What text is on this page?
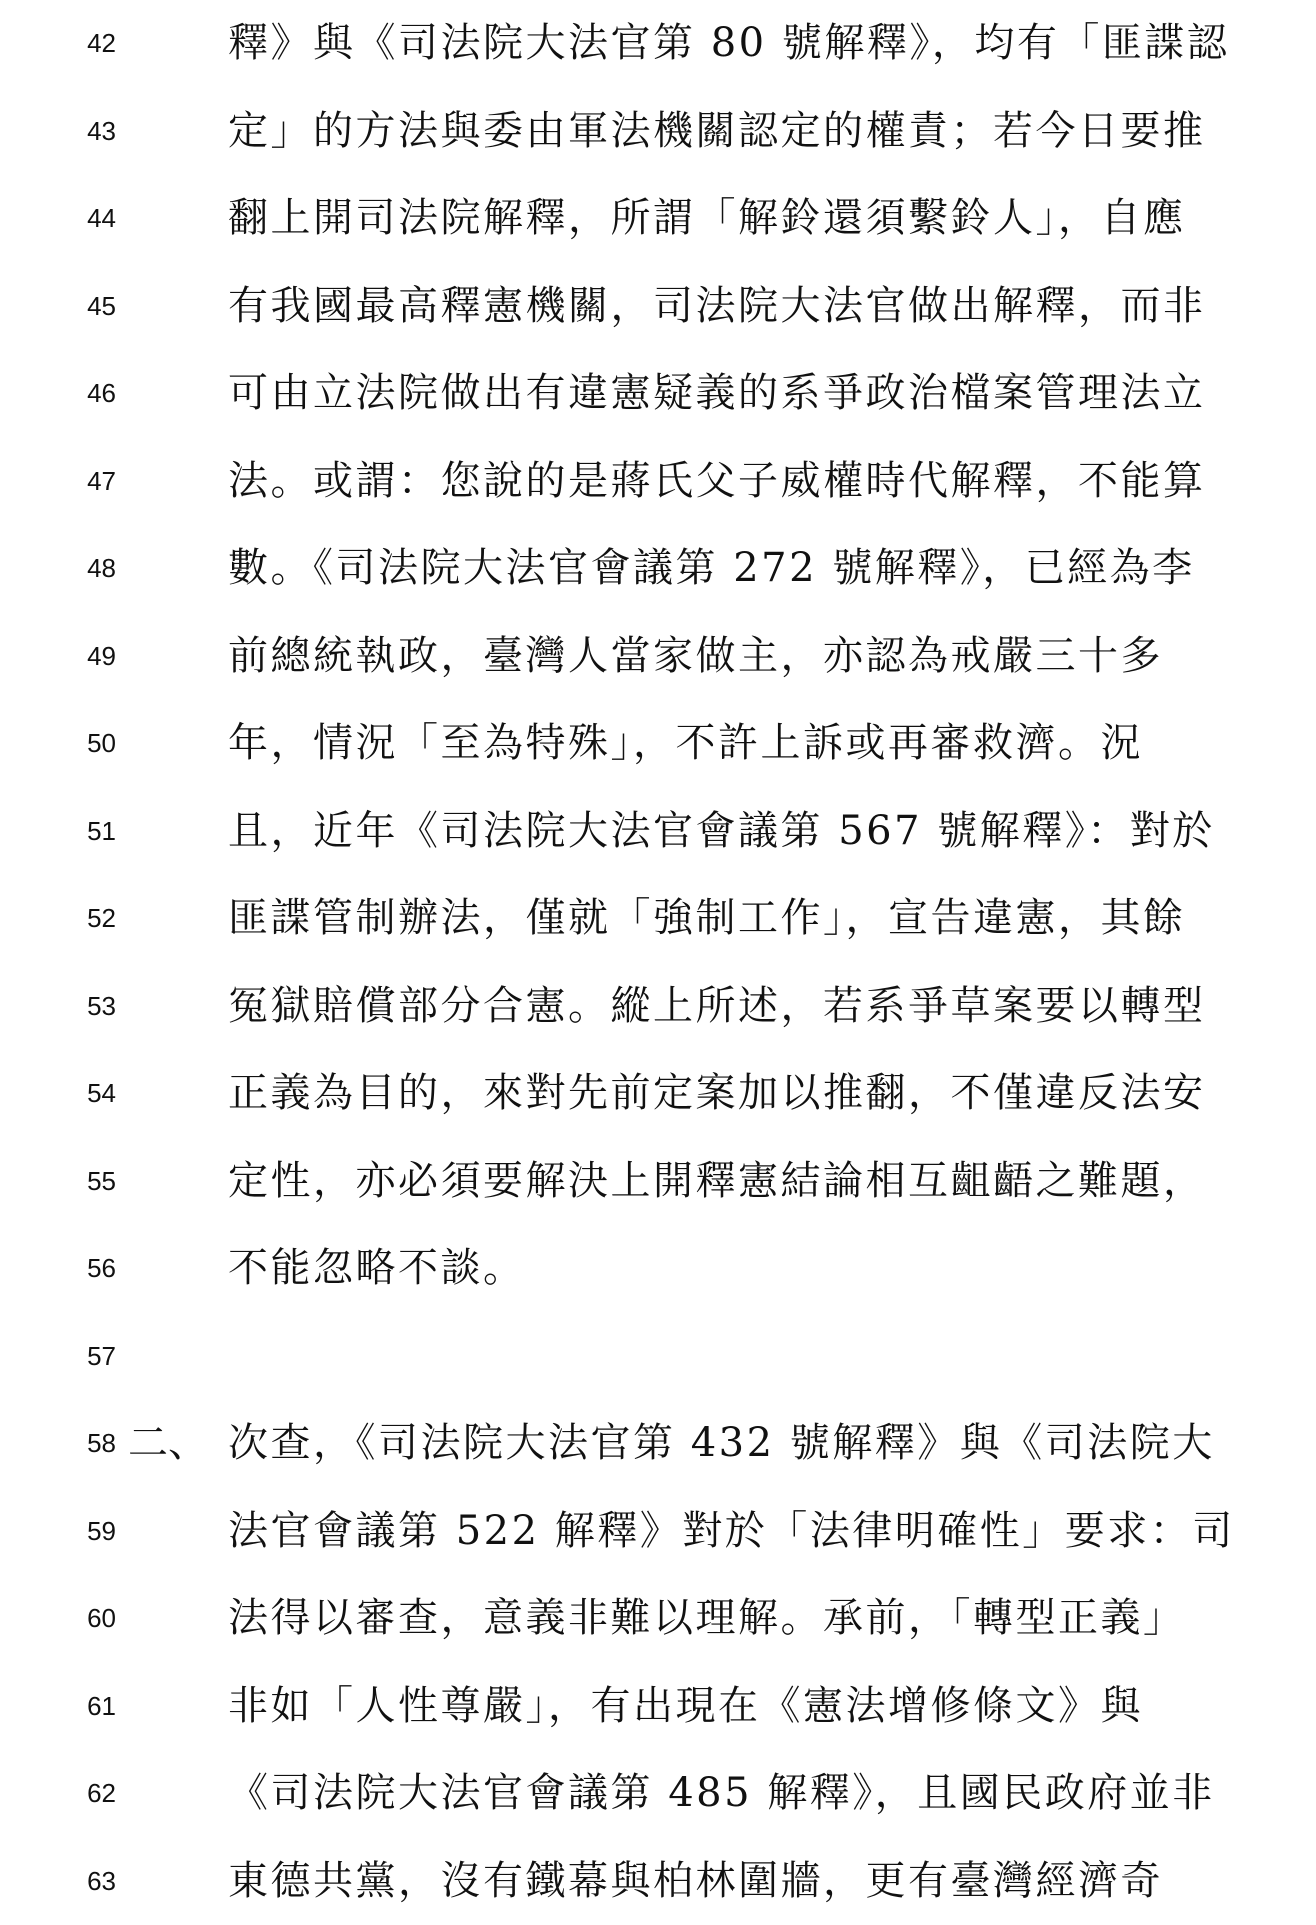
42	釋》與《司法院大法官第 80 號解釋》，均有「匪諜認
43	定」的方法與委由軍法機關認定的權責；若今日要推
44	翻上開司法院解釋，所謂「解鈴還須繫鈴人」，自應
45	有我國最高釋憲機關，司法院大法官做出解釋，而非
46	可由立法院做出有違憲疑義的系爭政治檔案管理法立
47	法。或謂：您說的是蔣氏父子威權時代解釋，不能算
48	數。《司法院大法官會議第 272 號解釋》，已經為李
49	前總統執政，臺灣人當家做主，亦認為戒嚴三十多
50	年，情況「至為特殊」，不許上訴或再審救濟。況
51	且，近年《司法院大法官會議第 567 號解釋》：對於
52	匪諜管制辦法，僅就「強制工作」，宣告違憲，其餘
53	冤獄賠償部分合憲。縱上所述，若系爭草案要以轉型
54	正義為目的，來對先前定案加以推翻，不僅違反法安
55	定性，亦必須要解決上開釋憲結論相互齟齬之難題，
56	不能忽略不談。
57
58 二、 次查，《司法院大法官第 432 號解釋》與《司法院大
59	法官會議第 522 解釋》對於「法律明確性」要求：司
60	法得以審查，意義非難以理解。承前，「轉型正義」
61	非如「人性尊嚴」，有出現在《憲法增修條文》與
62	《司法院大法官會議第 485 解釋》，且國民政府並非
63	東德共黨，沒有鐵幕與柏林圍牆，更有臺灣經濟奇
